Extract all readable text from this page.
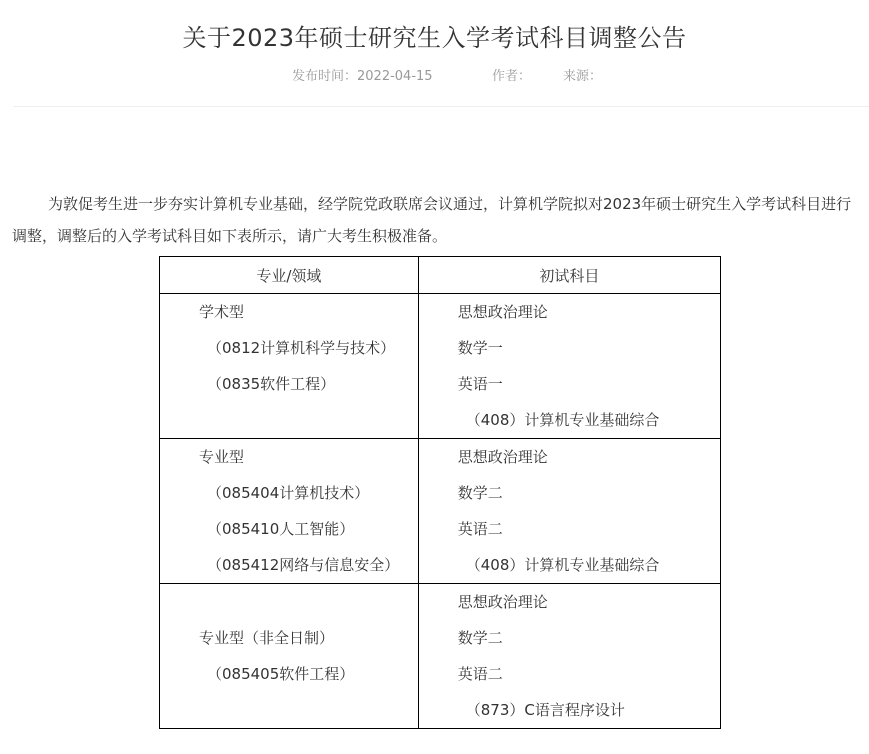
关于2023年硕士研究生入学考试科目调整公告
发布时间：2022-04-15	作者： 来源：
为敦促考生进一步夯实计算机专业基础，经学院党政联席会议通过，计算机学院拟对2023年硕士研究生入学考试科目进行调整，调整后的入学考试科目如下表所示，请广大考生积极准备。
专业/领域	初试科目

学术型
（0812计算机科学与技术）
（0835软件工程）	思想政治理论
数学一
英语一
（408）计算机专业基础综合

专业型
（085404计算机技术）
（085410人工智能）
（085412网络与信息安全）	思想政治理论
数学二
英语二
（408）计算机专业基础综合

专业型（非全日制）
（085405软件工程）	思想政治理论
数学二
英语二
（873）C语言程序设计
